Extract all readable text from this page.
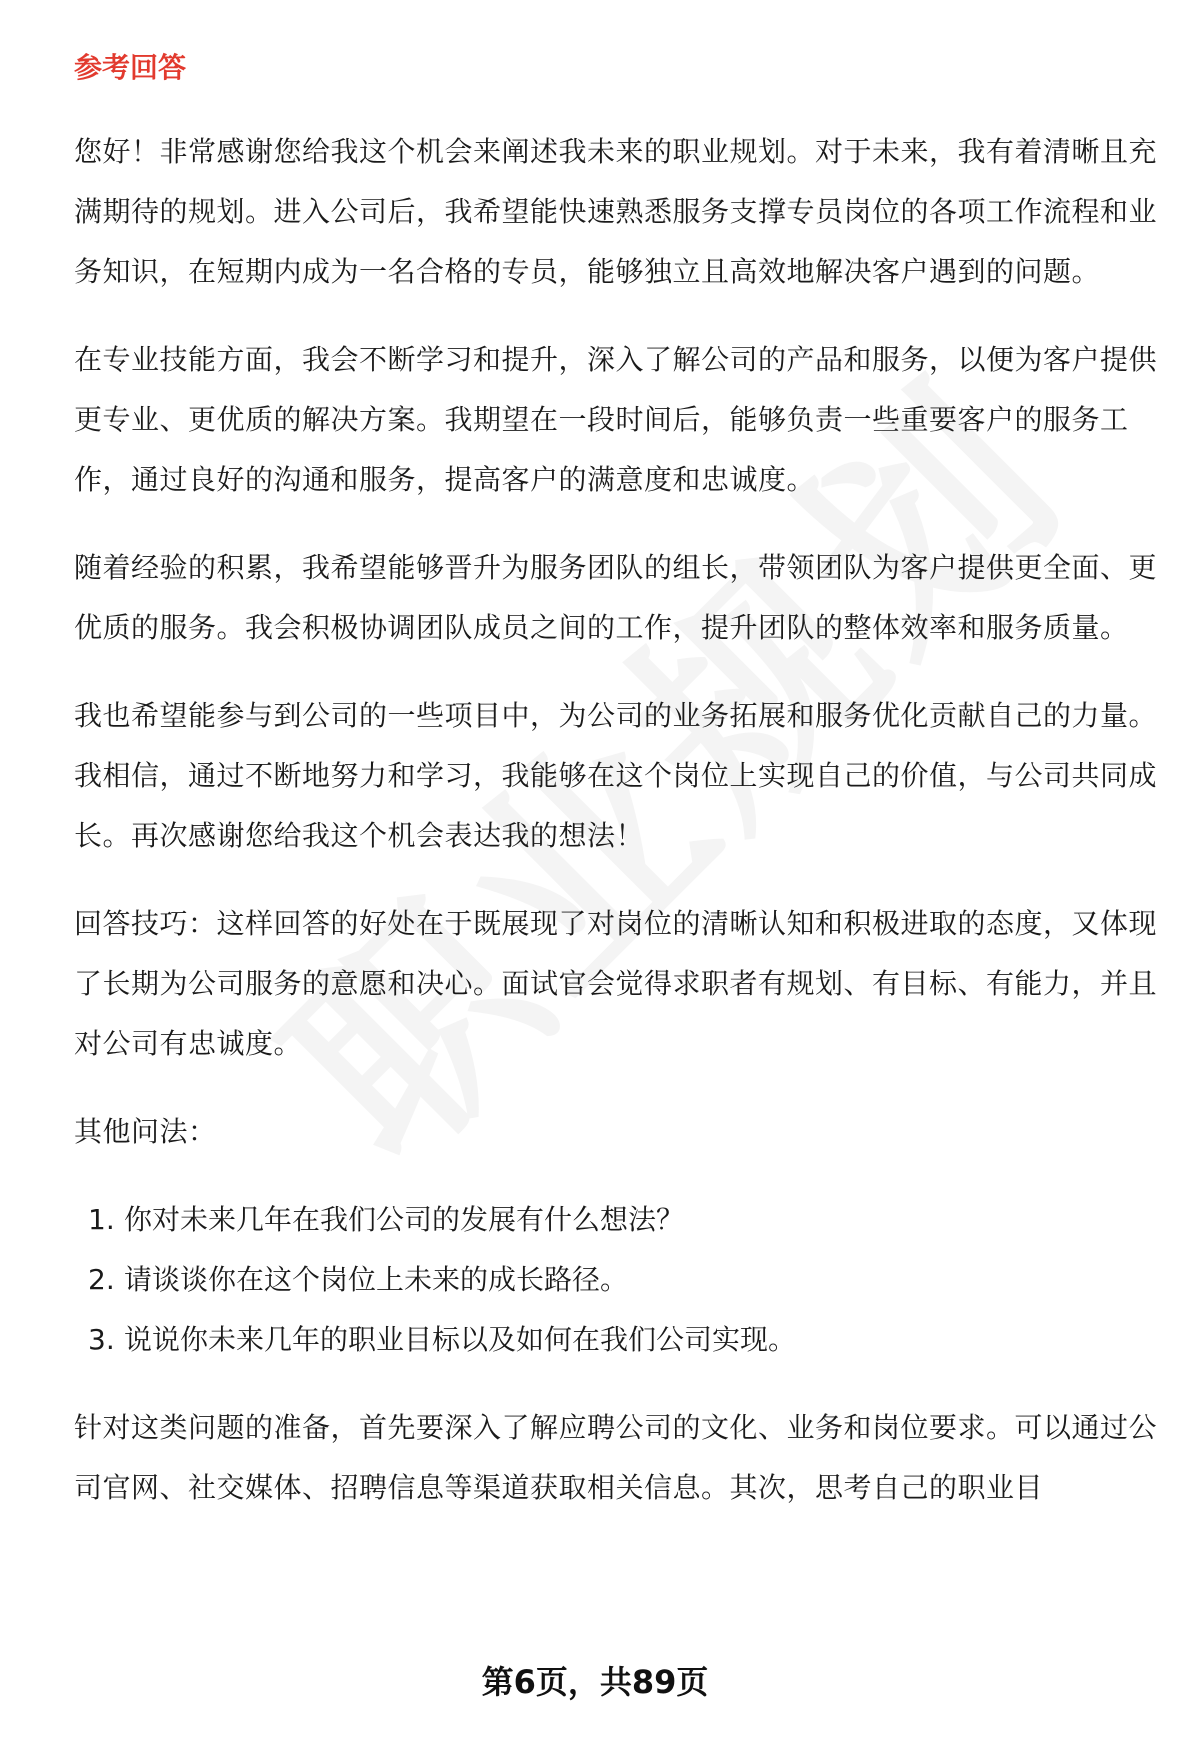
参考回答

您好！非常感谢您给我这个机会来阐述我未来的职业规划。对于未来，我有着清晰且充满期待的规划。进入公司后，我希望能快速熟悉服务支撑专员岗位的各项工作流程和业务知识，在短期内成为一名合格的专员，能够独立且高效地解决客户遇到的问题。

在专业技能方面，我会不断学习和提升，深入了解公司的产品和服务，以便为客户提供更专业、更优质的解决方案。我期望在一段时间后，能够负责一些重要客户的服务工作，通过良好的沟通和服务，提高客户的满意度和忠诚度。

随着经验的积累，我希望能够晋升为服务团队的组长，带领团队为客户提供更全面、更优质的服务。我会积极协调团队成员之间的工作，提升团队的整体效率和服务质量。

我也希望能参与到公司的一些项目中，为公司的业务拓展和服务优化贡献自己的力量。我相信，通过不断地努力和学习，我能够在这个岗位上实现自己的价值，与公司共同成长。再次感谢您给我这个机会表达我的想法！

回答技巧：这样回答的好处在于既展现了对岗位的清晰认知和积极进取的态度，又体现了长期为公司服务的意愿和决心。面试官会觉得求职者有规划、有目标、有能力，并且对公司有忠诚度。

其他问法：

1. 你对未来几年在我们公司的发展有什么想法？
2. 请谈谈你在这个岗位上未来的成长路径。
3. 说说你未来几年的职业目标以及如何在我们公司实现。

针对这类问题的准备，首先要深入了解应聘公司的文化、业务和岗位要求。可以通过公司官网、社交媒体、招聘信息等渠道获取相关信息。其次，思考自己的职业目

第6页，共89页
